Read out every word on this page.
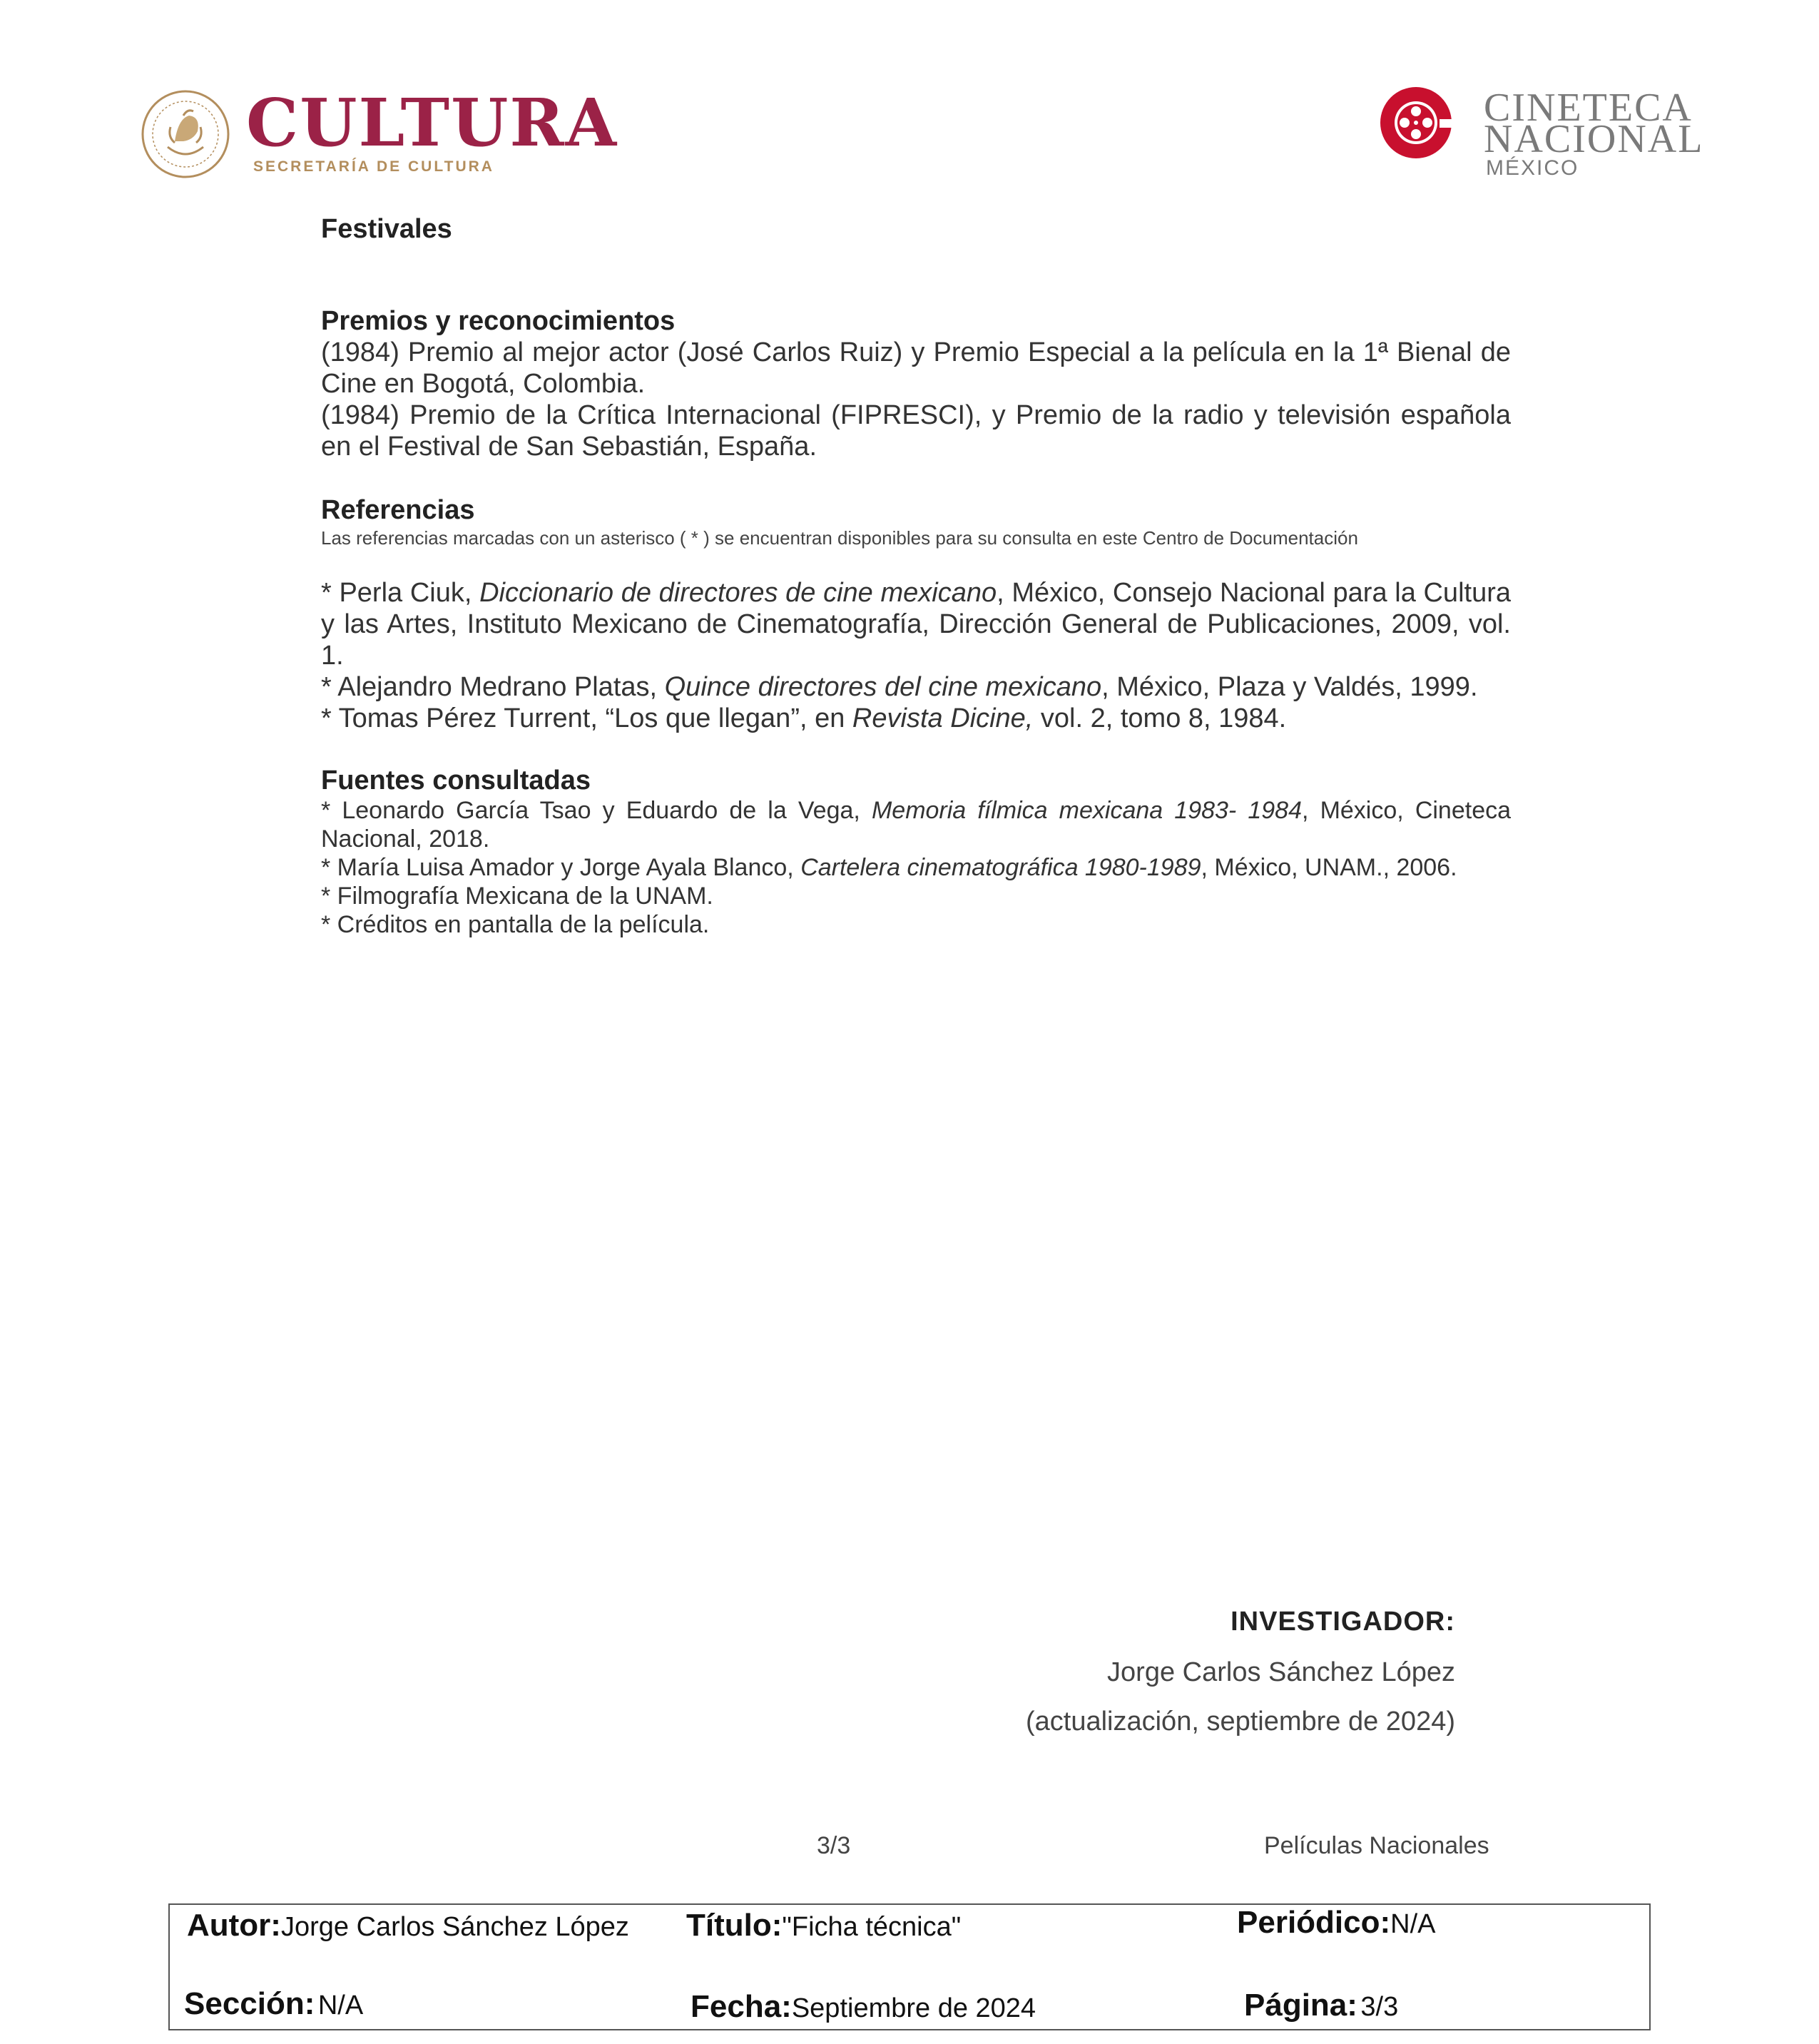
CULTURA
SECRETARÍA DE CULTURA
CINETECA
NACIONAL
MÉXICO

Festivales

Premios y reconocimientos

(1984) Premio al mejor actor (José Carlos Ruiz) y Premio Especial a la película en la 1ª Bienal de Cine en Bogotá, Colombia.

(1984) Premio de la Crítica Internacional (FIPRESCI), y Premio de la radio y televisión española en el Festival de San Sebastián, España.

Referencias

Las referencias marcadas con un asterisco ( * ) se encuentran disponibles para su consulta en este Centro de Documentación

* Perla Ciuk, Diccionario de directores de cine mexicano, México, Consejo Nacional para la Cultura y las Artes, Instituto Mexicano de Cinematografía, Dirección General de Publicaciones, 2009, vol. 1.

* Alejandro Medrano Platas, Quince directores del cine mexicano, México, Plaza y Valdés, 1999.

* Tomas Pérez Turrent, “Los que llegan”, en Revista Dicine, vol. 2, tomo 8, 1984.

Fuentes consultadas

* Leonardo García Tsao y Eduardo de la Vega, Memoria fílmica mexicana 1983- 1984, México, Cineteca Nacional, 2018.

* María Luisa Amador y Jorge Ayala Blanco, Cartelera cinematográfica 1980-1989, México, UNAM., 2006.

* Filmografía Mexicana de la UNAM.

* Créditos en pantalla de la película.

INVESTIGADOR:
Jorge Carlos Sánchez López
(actualización, septiembre de 2024)
3/3	Películas Nacionales
Autor:Jorge Carlos Sánchez López Título:"Ficha técnica"	Periódico:N/A
Sección: N/A	Fecha:Septiembre de 2024	Página: 3/3
